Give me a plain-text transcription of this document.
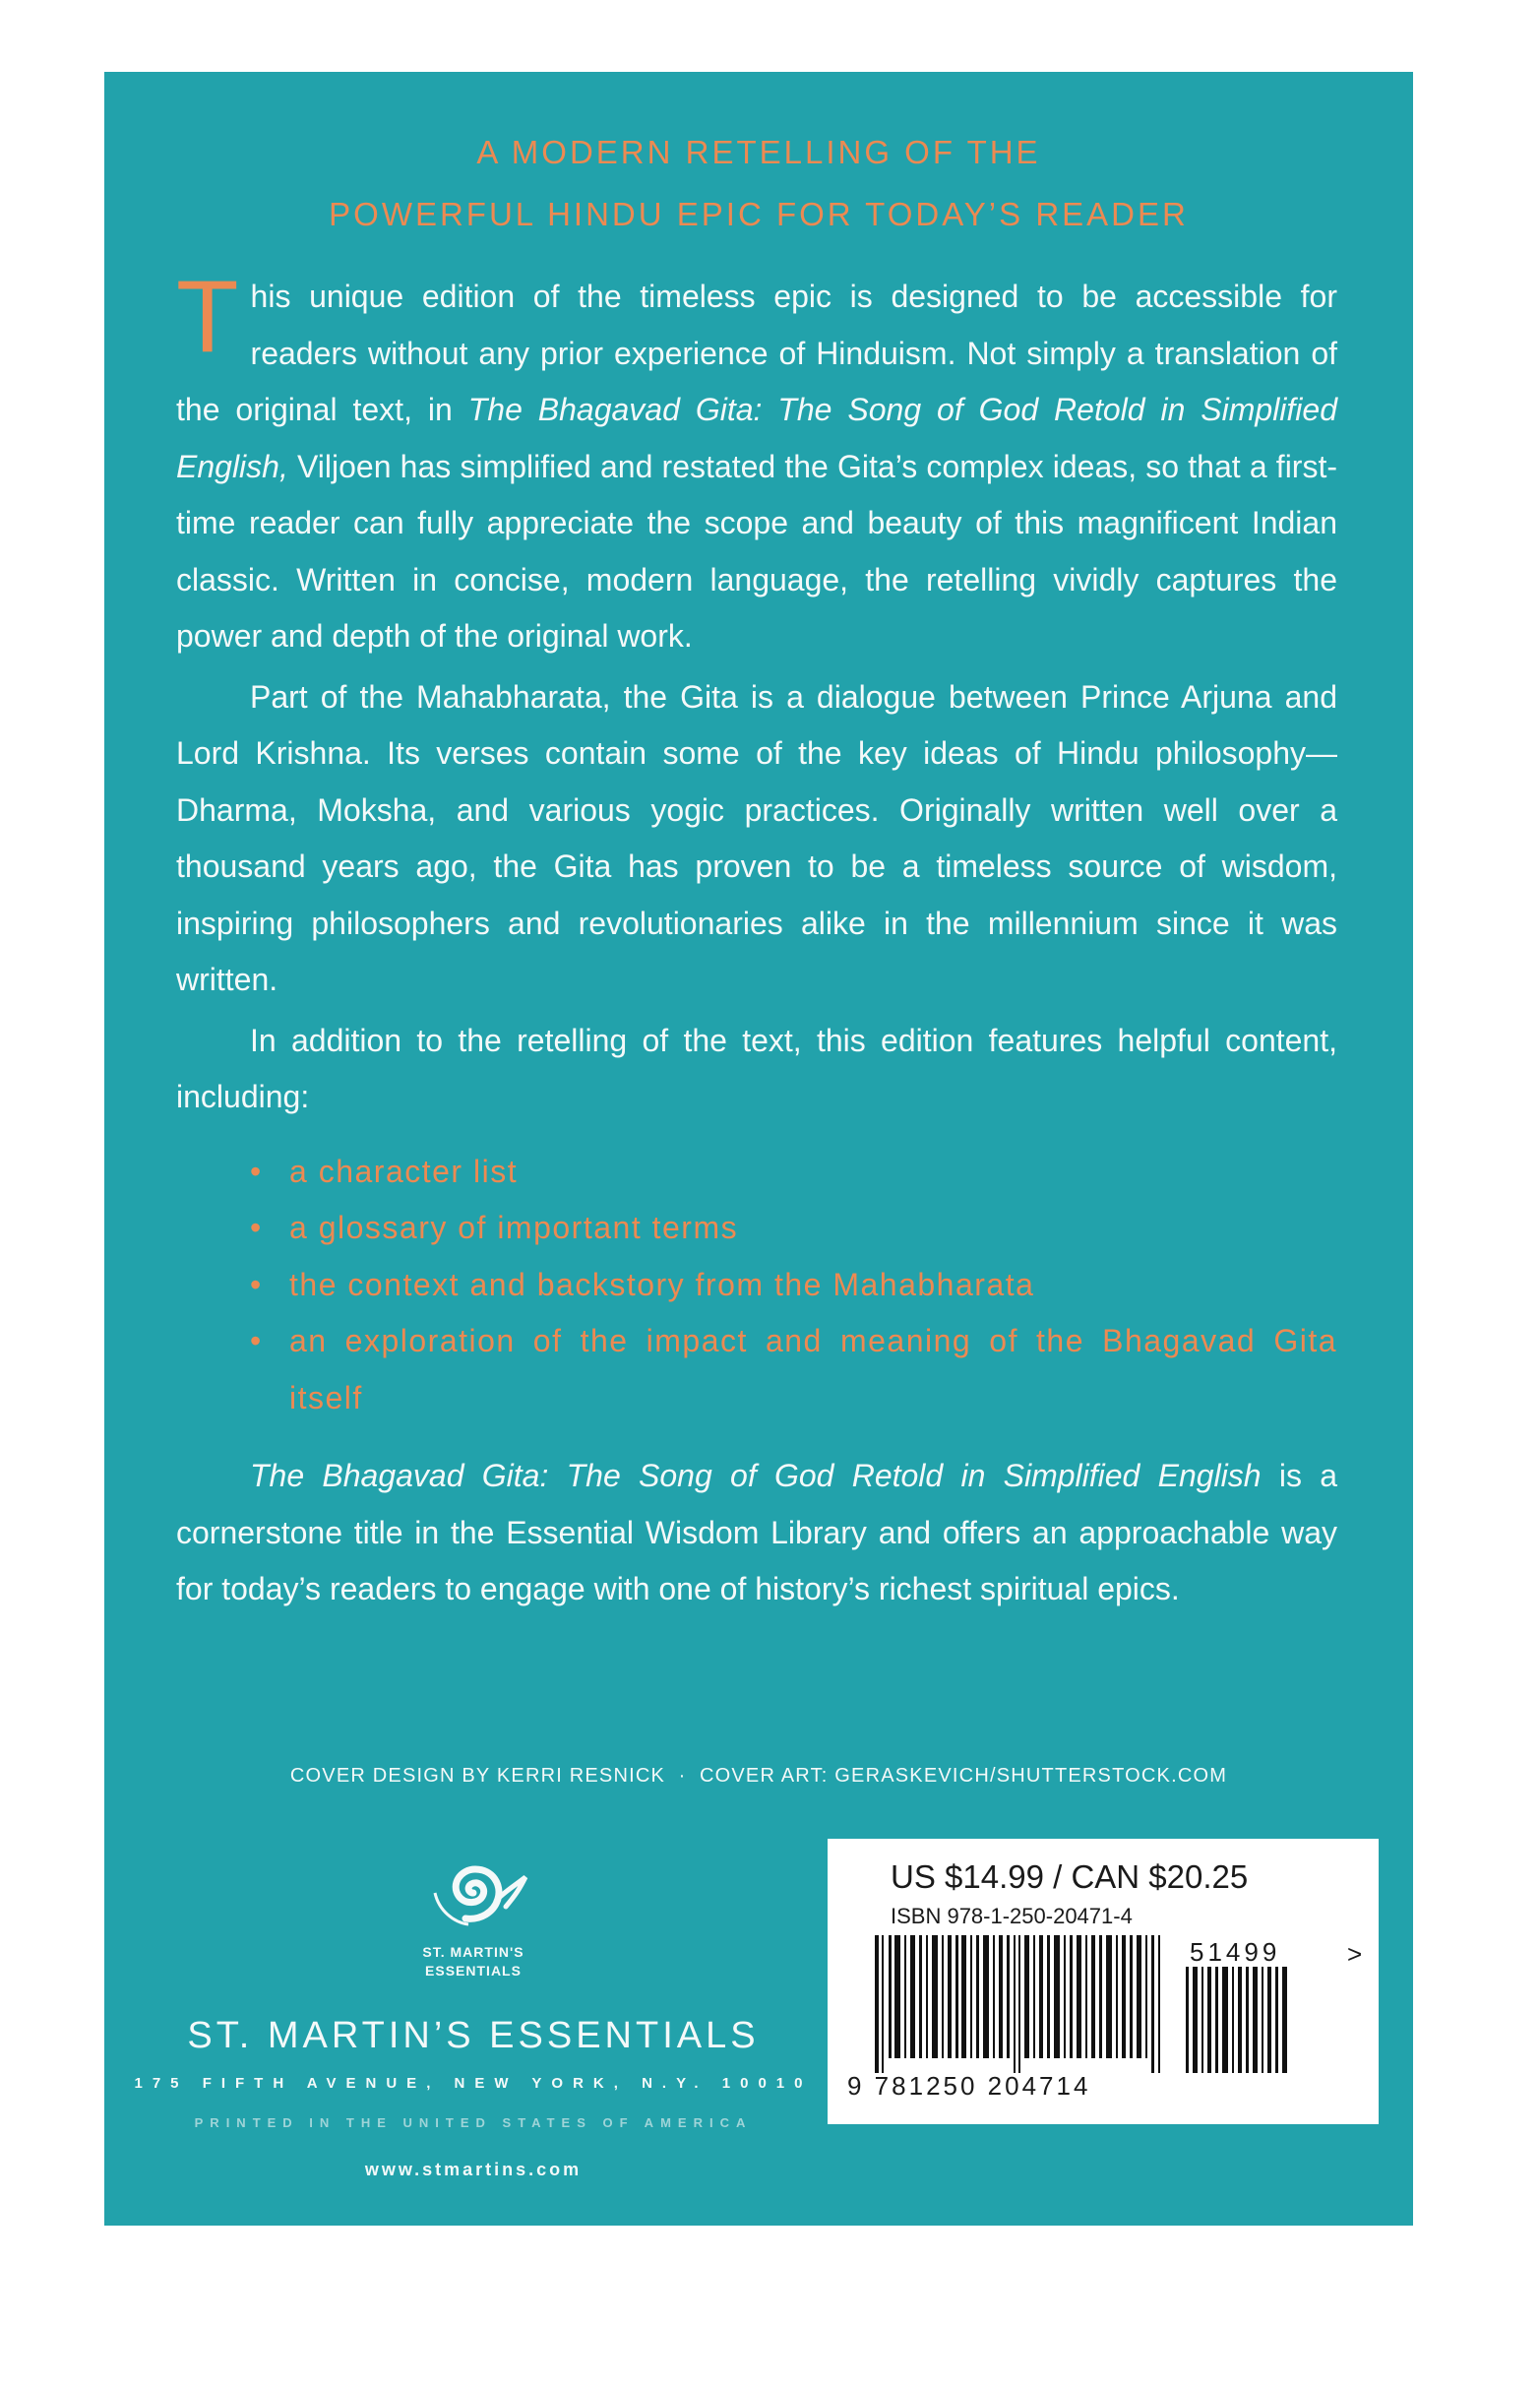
A MODERN RETELLING OF THE
POWERFUL HINDU EPIC FOR TODAY’S READER

This unique edition of the timeless epic is designed to be accessible for readers without any prior experience of Hinduism. Not simply a translation of the original text, in The Bhagavad Gita: The Song of God Retold in Simplified English, Viljoen has simplified and restated the Gita’s complex ideas, so that a first-time reader can fully appreciate the scope and beauty of this magnificent Indian classic. Written in concise, modern language, the retelling vividly captures the power and depth of the original work.

Part of the Mahabharata, the Gita is a dialogue between Prince Arjuna and Lord Krishna. Its verses contain some of the key ideas of Hindu philosophy—Dharma, Moksha, and various yogic practices. Originally written well over a thousand years ago, the Gita has proven to be a timeless source of wisdom, inspiring philosophers and revolutionaries alike in the millennium since it was written.

In addition to the retelling of the text, this edition features helpful content, including:

• a character list
• a glossary of important terms
• the context and backstory from the Mahabharata
• an exploration of the impact and meaning of the Bhagavad Gita itself

The Bhagavad Gita: The Song of God Retold in Simplified English is a cornerstone title in the Essential Wisdom Library and offers an approachable way for today’s readers to engage with one of history’s richest spiritual epics.

COVER DESIGN BY KERRI RESNICK · COVER ART: GERASKEVICH/SHUTTERSTOCK.COM
ST. MARTIN'S
ESSENTIALS
ST. MARTIN’S ESSENTIALS
175 FIFTH AVENUE, NEW YORK, N.Y. 10010
PRINTED IN THE UNITED STATES OF AMERICA
www.stmartins.com
US $14.99 / CAN $20.25
ISBN 978-1-250-20471-4
51499	>
9 781250 204714
